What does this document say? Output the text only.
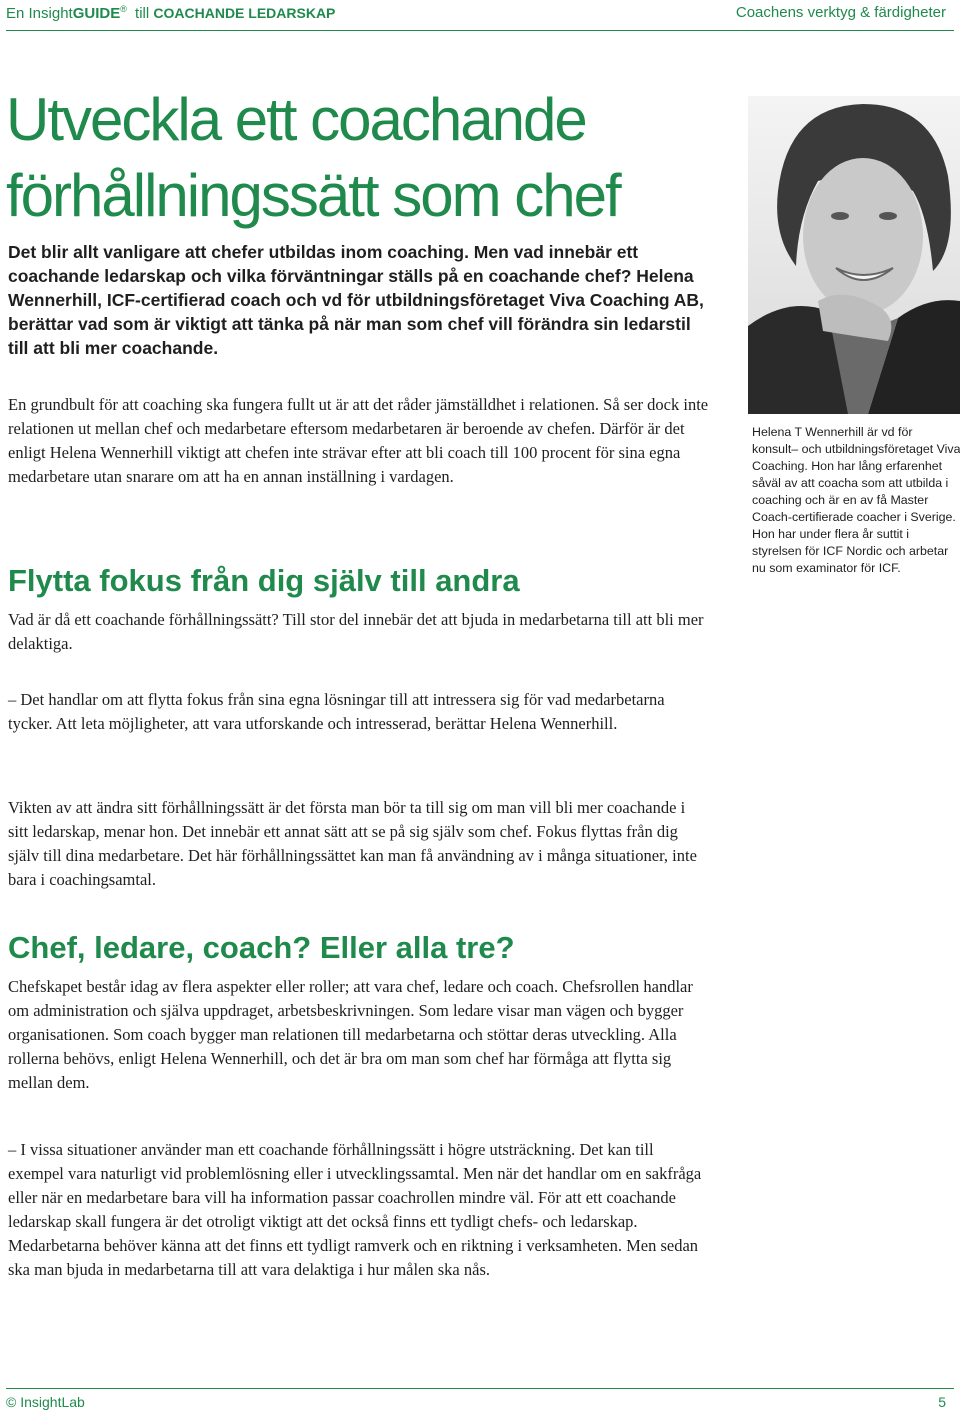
En InsightGUIDE® till COACHANDE LEDARSKAP	Coachens verktyg & färdigheter
Utveckla ett coachande
förhållningssätt som chef
Det blir allt vanligare att chefer utbildas inom coaching. Men vad innebär ett coachande ledarskap och vilka förväntningar ställs på en coachande chef? Helena Wennerhill, ICF-certifierad coach och vd för utbildningsföretaget Viva Coaching AB, berättar vad som är viktigt att tänka på när man som chef vill förändra sin ledarstil till att bli mer coachande.

En grundbult för att coaching ska fungera fullt ut är att det råder jämställdhet i relationen. Så ser dock inte relationen ut mellan chef och medarbetare eftersom medarbetaren är beroende av chefen. Därför är det enligt Helena Wennerhill viktigt att chefen inte strävar efter att bli coach till 100 procent för sina egna medarbetare utan snarare om att ha en annan inställning i vardagen.

Flytta fokus från dig själv till andra

Vad är då ett coachande förhållningssätt? Till stor del innebär det att bjuda in medarbetarna till att bli mer delaktiga.

– Det handlar om att flytta fokus från sina egna lösningar till att intressera sig för vad medarbetarna tycker. Att leta möjligheter, att vara utforskande och intresserad, berättar Helena Wennerhill.

Vikten av att ändra sitt förhållningssätt är det första man bör ta till sig om man vill bli mer coachande i sitt ledarskap, menar hon. Det innebär ett annat sätt att se på sig själv som chef. Fokus flyttas från dig själv till dina medarbetare. Det här förhållningssättet kan man få användning av i många situationer, inte bara i coachingsamtal.

Chef, ledare, coach? Eller alla tre?

Chefskapet består idag av flera aspekter eller roller; att vara chef, ledare och coach. Chefsrollen handlar om administration och själva uppdraget, arbetsbeskrivningen. Som ledare visar man vägen och bygger organisationen. Som coach bygger man relationen till medarbetarna och stöttar deras utveckling. Alla rollerna behövs, enligt Helena Wennerhill, och det är bra om man som chef har förmåga att flytta sig mellan dem.

– I vissa situationer använder man ett coachande förhållningssätt i högre utsträckning. Det kan till exempel vara naturligt vid problemlösning eller i utvecklingssamtal. Men när det handlar om en sakfråga eller när en medarbetare bara vill ha information passar coachrollen mindre väl. För att ett coachande ledarskap skall fungera är det otroligt viktigt att det också finns ett tydligt chefs- och ledarskap. Medarbetarna behöver känna att det finns ett tydligt ramverk och en riktning i verksamheten. Men sedan ska man bjuda in medarbetarna till att vara delaktiga i hur målen ska nås.

Helena T Wennerhill är vd för konsult– och utbildningsföretaget Viva Coaching. Hon har lång erfarenhet såväl av att coacha som att utbilda i coaching och är en av få Master Coach-certifierade coacher i Sverige. Hon har under flera år suttit i styrelsen för ICF Nordic och arbetar nu som examinator för ICF.
© InsightLab	5
